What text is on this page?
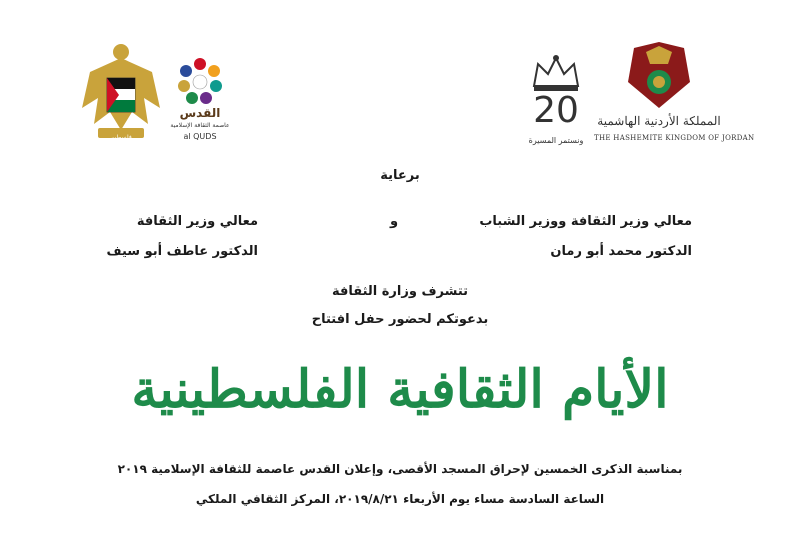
فلسطين
القدس
عاصمة الثقافة الإسلامية
al QUDS
20
ونستمر المسيرة
المملكة الأردنية الهاشمية
THE HASHEMITE KINGDOM OF JORDAN
برعاية
معالي وزير الثقافة ووزير الشباب
و
معالي وزير الثقافة
الدكتور محمد أبو رمان
الدكتور عاطف أبو سيف
تتشرف وزارة الثقافة
بدعوتكم لحضور حفل افتتاح
الأيام الثقافية الفلسطينية
بمناسبة الذكرى الخمسين لإحراق المسجد الأقصى، وإعلان القدس عاصمة للثقافة الإسلامية ٢٠١٩
الساعة السادسة مساء يوم الأربعاء ٢٠١٩/٨/٢١، المركز الثقافي الملكي
